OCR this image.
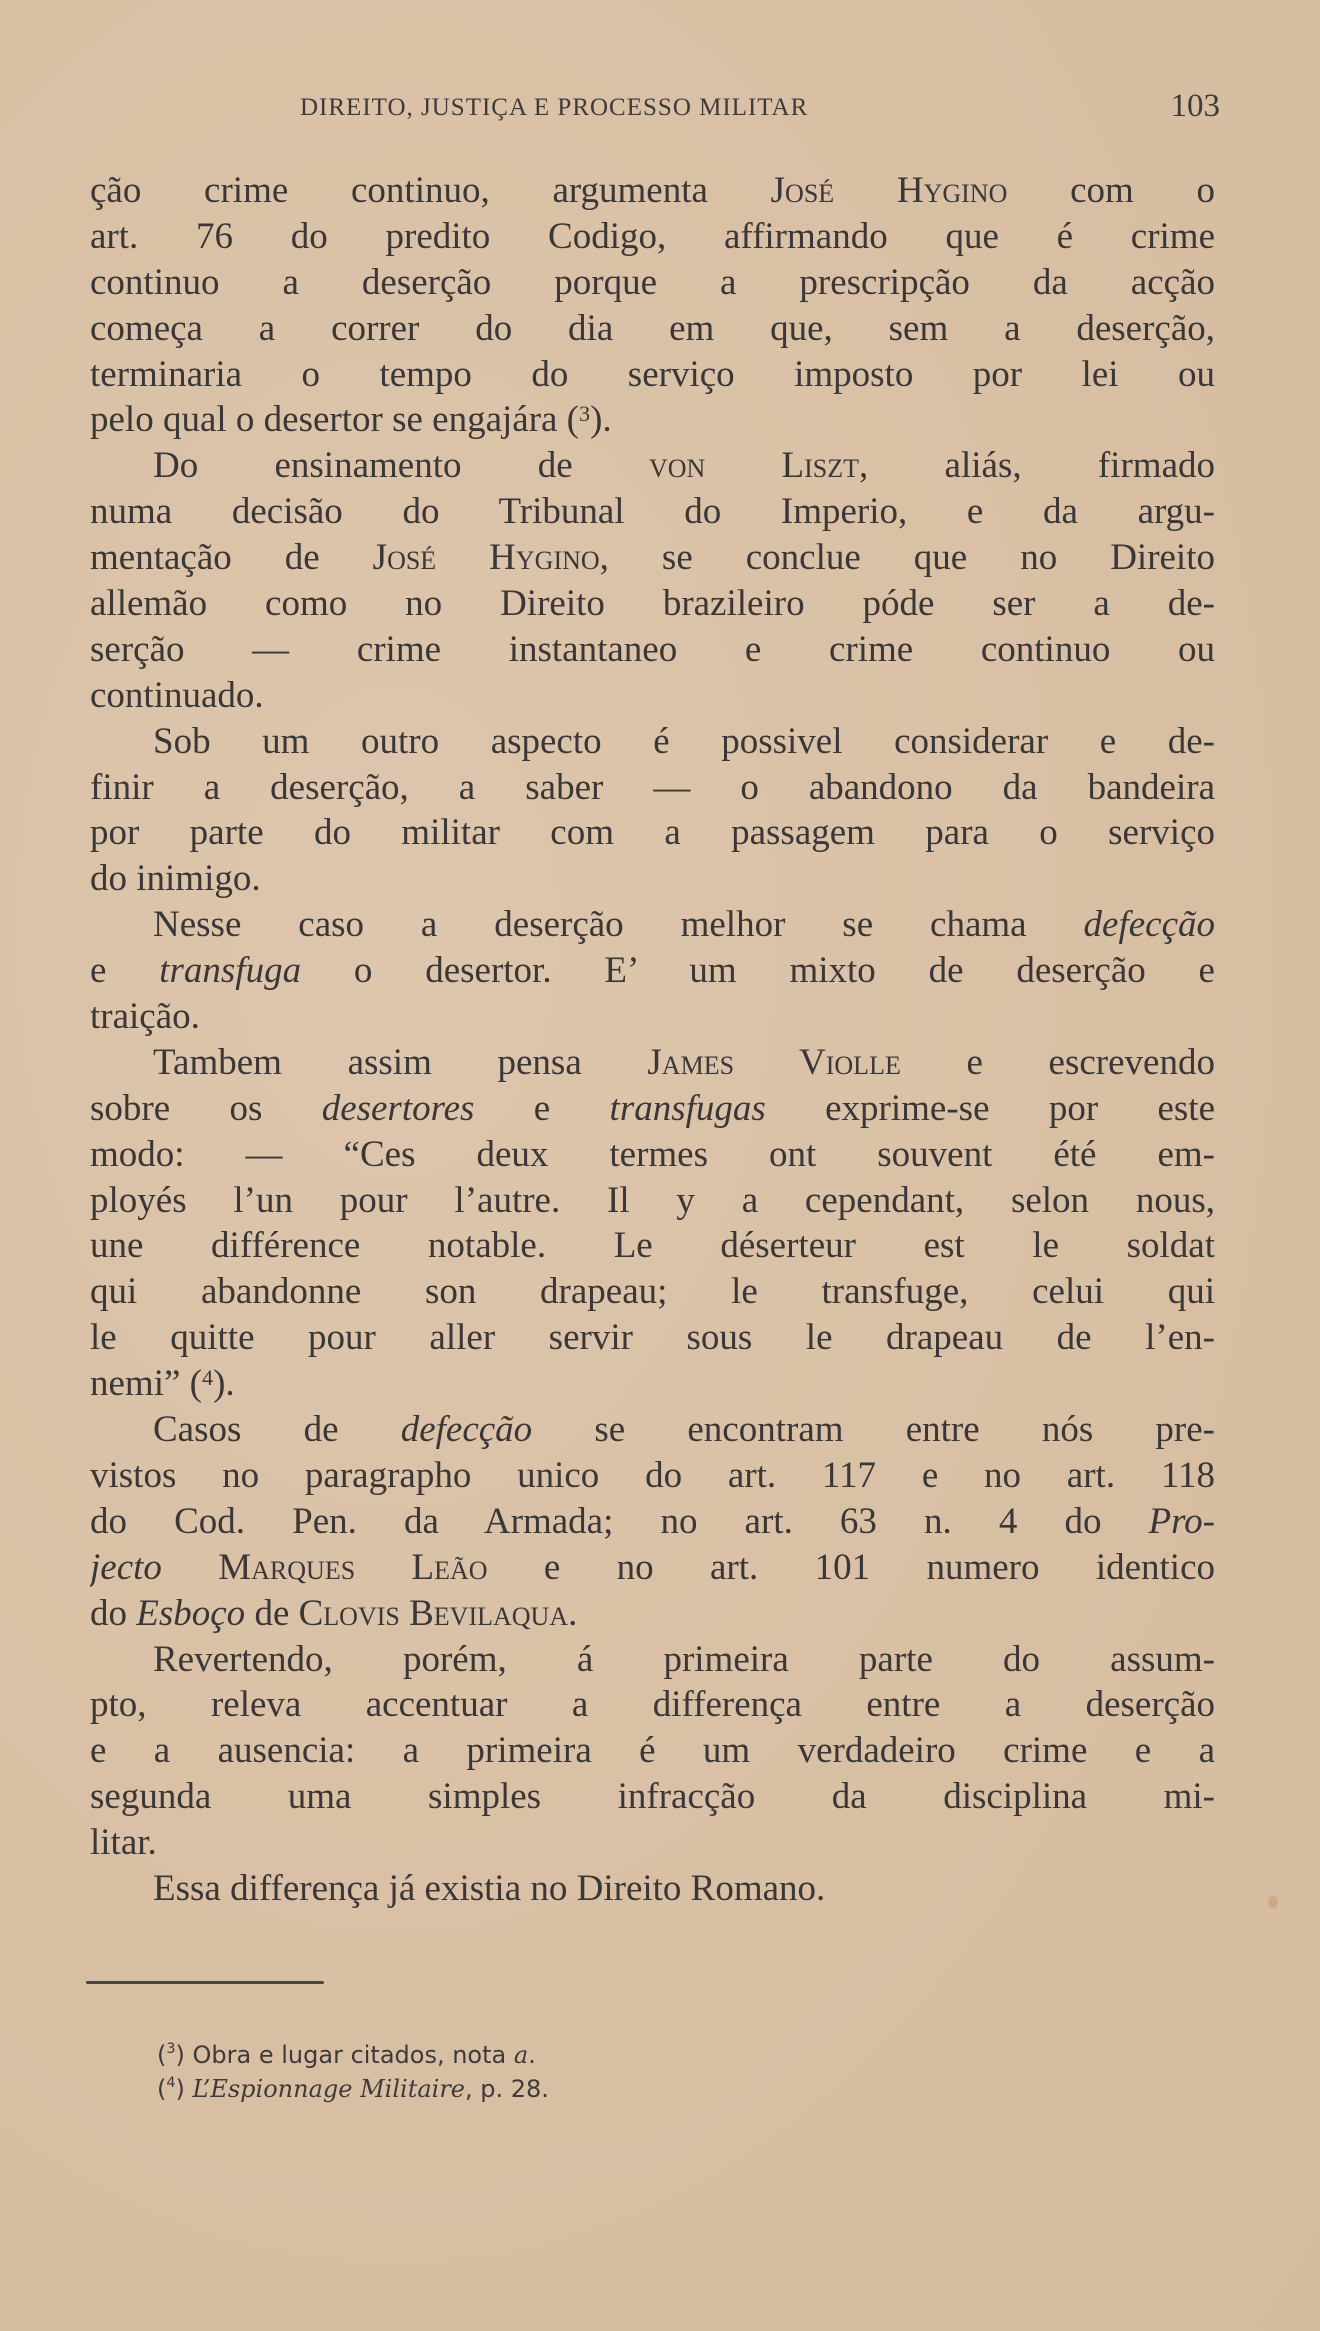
DIREITO, JUSTIÇA E PROCESSO MILITAR	103
ção crime continuo, argumenta José Hygino com o
art. 76 do predito Codigo, affirmando que é crime
continuo a deserção porque a prescripção da acção
começa a correr do dia em que, sem a deserção,
terminaria o tempo do serviço imposto por lei ou
pelo qual o desertor se engajára ($^3$).
Do ensinamento de von Liszt, aliás, firmado
numa decisão do Tribunal do Imperio, e da argu-
mentação de José Hygino, se conclue que no Direito
allemão como no Direito brazileiro póde ser a de-
serção — crime instantaneo e crime continuo ou
continuado.
Sob um outro aspecto é possivel considerar e de-
finir a deserção, a saber — o abandono da bandeira
por parte do militar com a passagem para o serviço
do inimigo.
Nesse caso a deserção melhor se chama defecção
e transfuga o desertor. E’ um mixto de deserção e
traição.
Tambem assim pensa James Violle e escrevendo
sobre os desertores e transfugas exprime-se por este
modo: — “Ces deux termes ont souvent été em-
ployés l’un pour l’autre. Il y a cependant, selon nous,
une différence notable. Le déserteur est le soldat
qui abandonne son drapeau; le transfuge, celui qui
le quitte pour aller servir sous le drapeau de l’en-
nemi” ($^4$).
Casos de defecção se encontram entre nós pre-
vistos no paragrapho unico do art. 117 e no art. 118
do Cod. Pen. da Armada; no art. 63 n. 4 do Pro-
jecto Marques Leão e no art. 101 numero identico
do Esboço de Clovis Bevilaqua.
Revertendo, porém, á primeira parte do assum-
pto, releva accentuar a differença entre a deserção
e a ausencia: a primeira é um verdadeiro crime e a
segunda uma simples infracção da disciplina mi-
litar.
Essa differença já existia no Direito Romano.
($^3$) Obra e lugar citados, nota a.
($^4$) L’Espionnage Militaire, p. 28.
